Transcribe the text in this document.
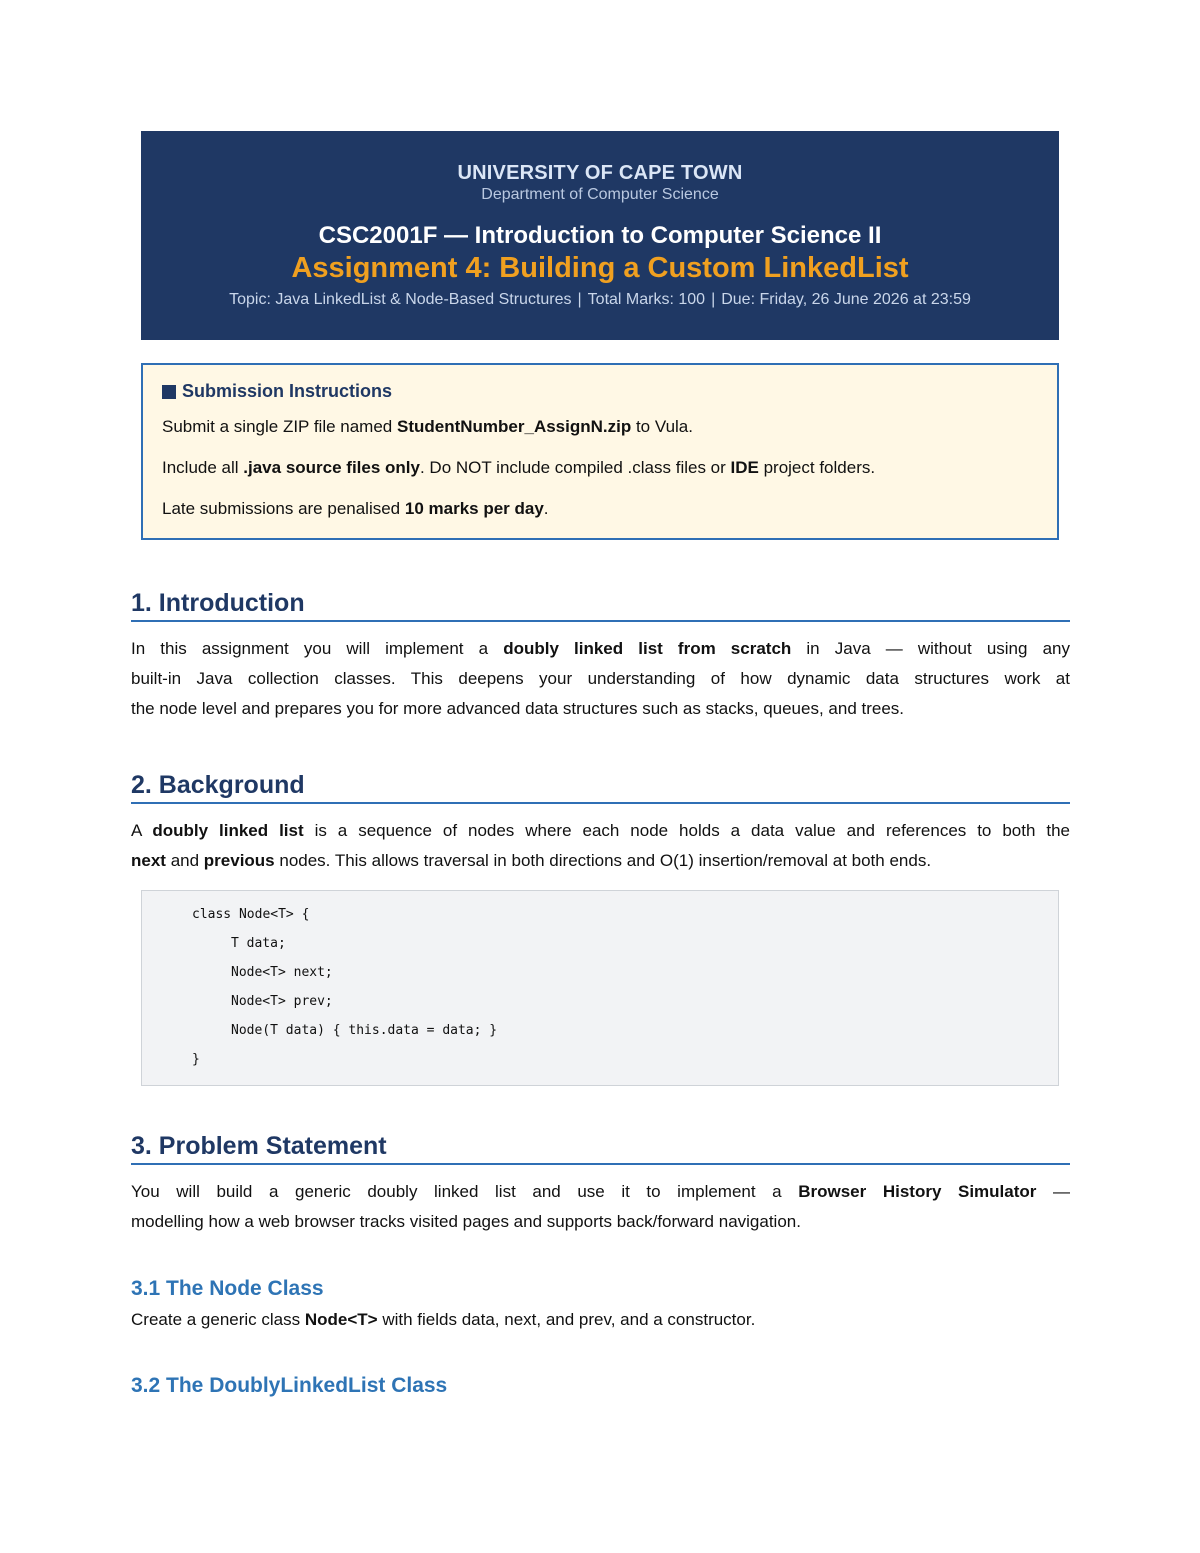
UNIVERSITY OF CAPE TOWN
Department of Computer Science
CSC2001F — Introduction to Computer Science II
Assignment 4: Building a Custom LinkedList
Topic: Java LinkedList & Node-Based Structures | Total Marks: 100 | Due: Friday, 26 June 2026 at 23:59
Submission Instructions
Submit a single ZIP file named StudentNumber_AssignN.zip to Vula.
Include all .java source files only. Do NOT include compiled .class files or IDE project folders.
Late submissions are penalised 10 marks per day.
1. Introduction
In this assignment you will implement a doubly linked list from scratch in Java — without using any
built-in Java collection classes. This deepens your understanding of how dynamic data structures work at
the node level and prepares you for more advanced data structures such as stacks, queues, and trees.
2. Background
A doubly linked list is a sequence of nodes where each node holds a data value and references to both the
next and previous nodes. This allows traversal in both directions and O(1) insertion/removal at both ends.
class Node<T> {
T data;
Node<T> next;
Node<T> prev;
Node(T data) { this.data = data; }
}
3. Problem Statement
You will build a generic doubly linked list and use it to implement a Browser History Simulator —
modelling how a web browser tracks visited pages and supports back/forward navigation.
3.1 The Node Class
Create a generic class Node<T> with fields data, next, and prev, and a constructor.
3.2 The DoublyLinkedList Class
